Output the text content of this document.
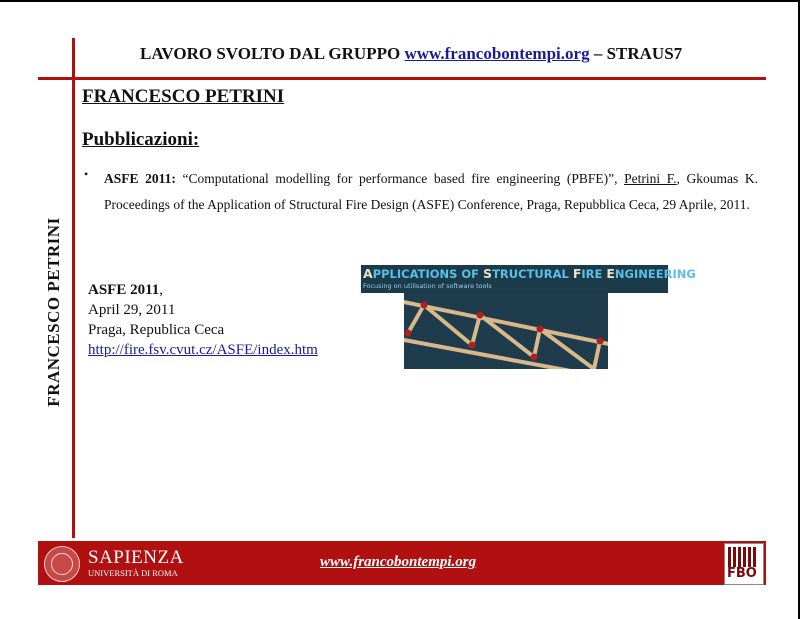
LAVORO SVOLTO DAL GRUPPO www.francobontempi.org – STRAUS7
FRANCESCO PETRINI
FRANCESCO PETRINI
Pubblicazioni:
• ASFE 2011: “Computational modelling for performance based fire engineering (PBFE)”, Petrini F., Gkoumas K. Proceedings of the Application of Structural Fire Design (ASFE) Conference, Praga, Repubblica Ceca, 29 Aprile, 2011.
ASFE 2011,
April 29, 2011
Praga, Republica Ceca
http://fire.fsv.cvut.cz/ASFE/index.htm
APPLICATIONS OF STRUCTURAL FIRE ENGINEERING
Focusing on utilisation of software tools
SAPIENZA
UNIVERSITÀ DI ROMA
www.francobontempi.org
FBO
